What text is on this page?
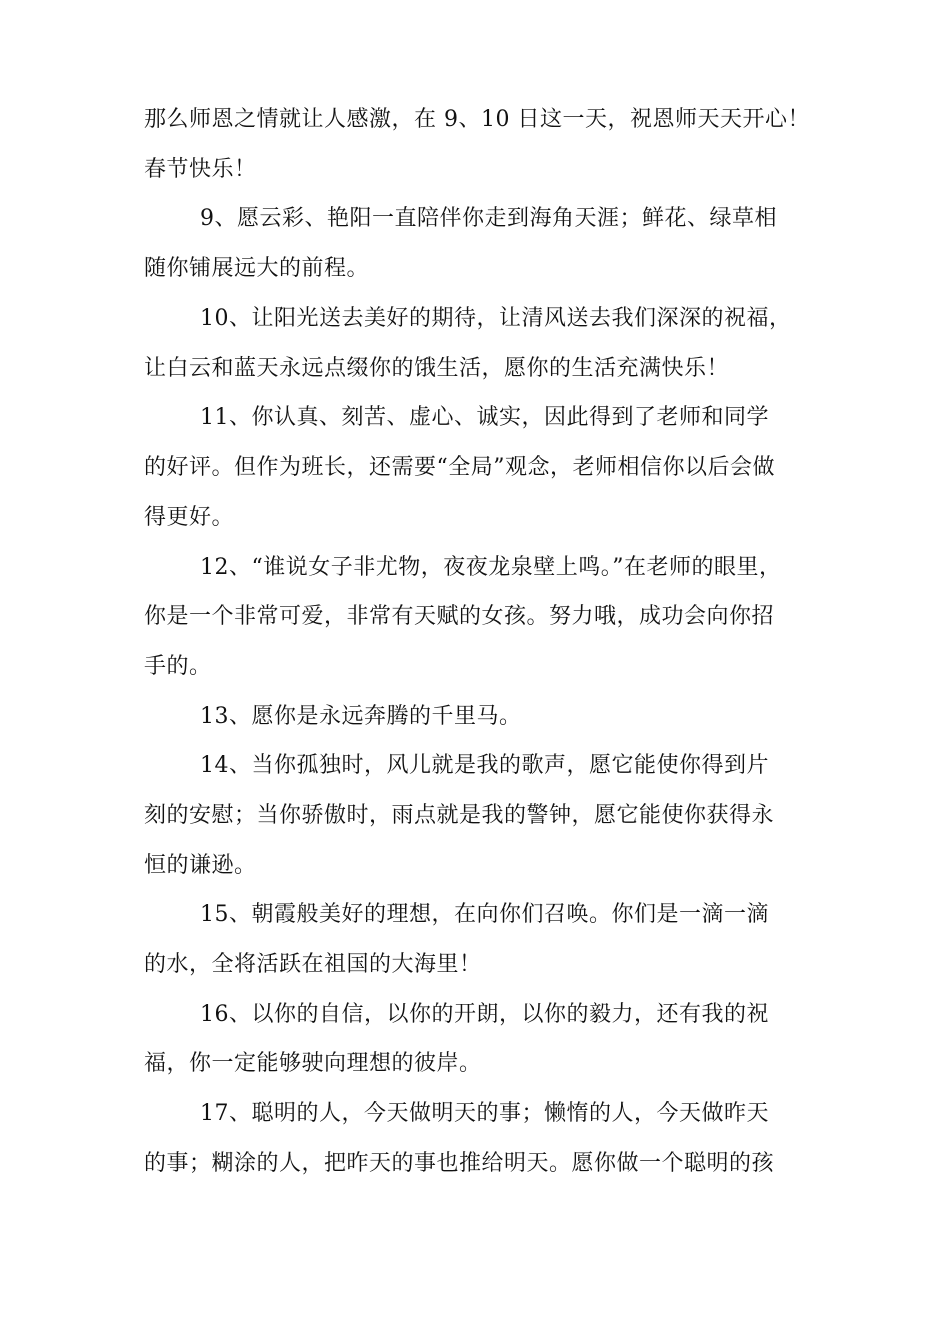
那么师恩之情就让人感激，在 9、10 日这一天，祝恩师天天开心！
春节快乐！
9、愿云彩、艳阳一直陪伴你走到海角天涯；鲜花、绿草相
随你铺展远大的前程。
10、让阳光送去美好的期待，让清风送去我们深深的祝福，
让白云和蓝天永远点缀你的饿生活，愿你的生活充满快乐！
11、你认真、刻苦、虚心、诚实，因此得到了老师和同学
的好评。但作为班长，还需要“全局”观念，老师相信你以后会做
得更好。
12、“谁说女子非尤物，夜夜龙泉壁上鸣。”在老师的眼里，
你是一个非常可爱，非常有天赋的女孩。努力哦，成功会向你招
手的。
13、愿你是永远奔腾的千里马。
14、当你孤独时，风儿就是我的歌声，愿它能使你得到片
刻的安慰；当你骄傲时，雨点就是我的警钟，愿它能使你获得永
恒的谦逊。
15、朝霞般美好的理想，在向你们召唤。你们是一滴一滴
的水，全将活跃在祖国的大海里！
16、以你的自信，以你的开朗，以你的毅力，还有我的祝
福，你一定能够驶向理想的彼岸。
17、聪明的人，今天做明天的事；懒惰的人，今天做昨天
的事；糊涂的人，把昨天的事也推给明天。愿你做一个聪明的孩
